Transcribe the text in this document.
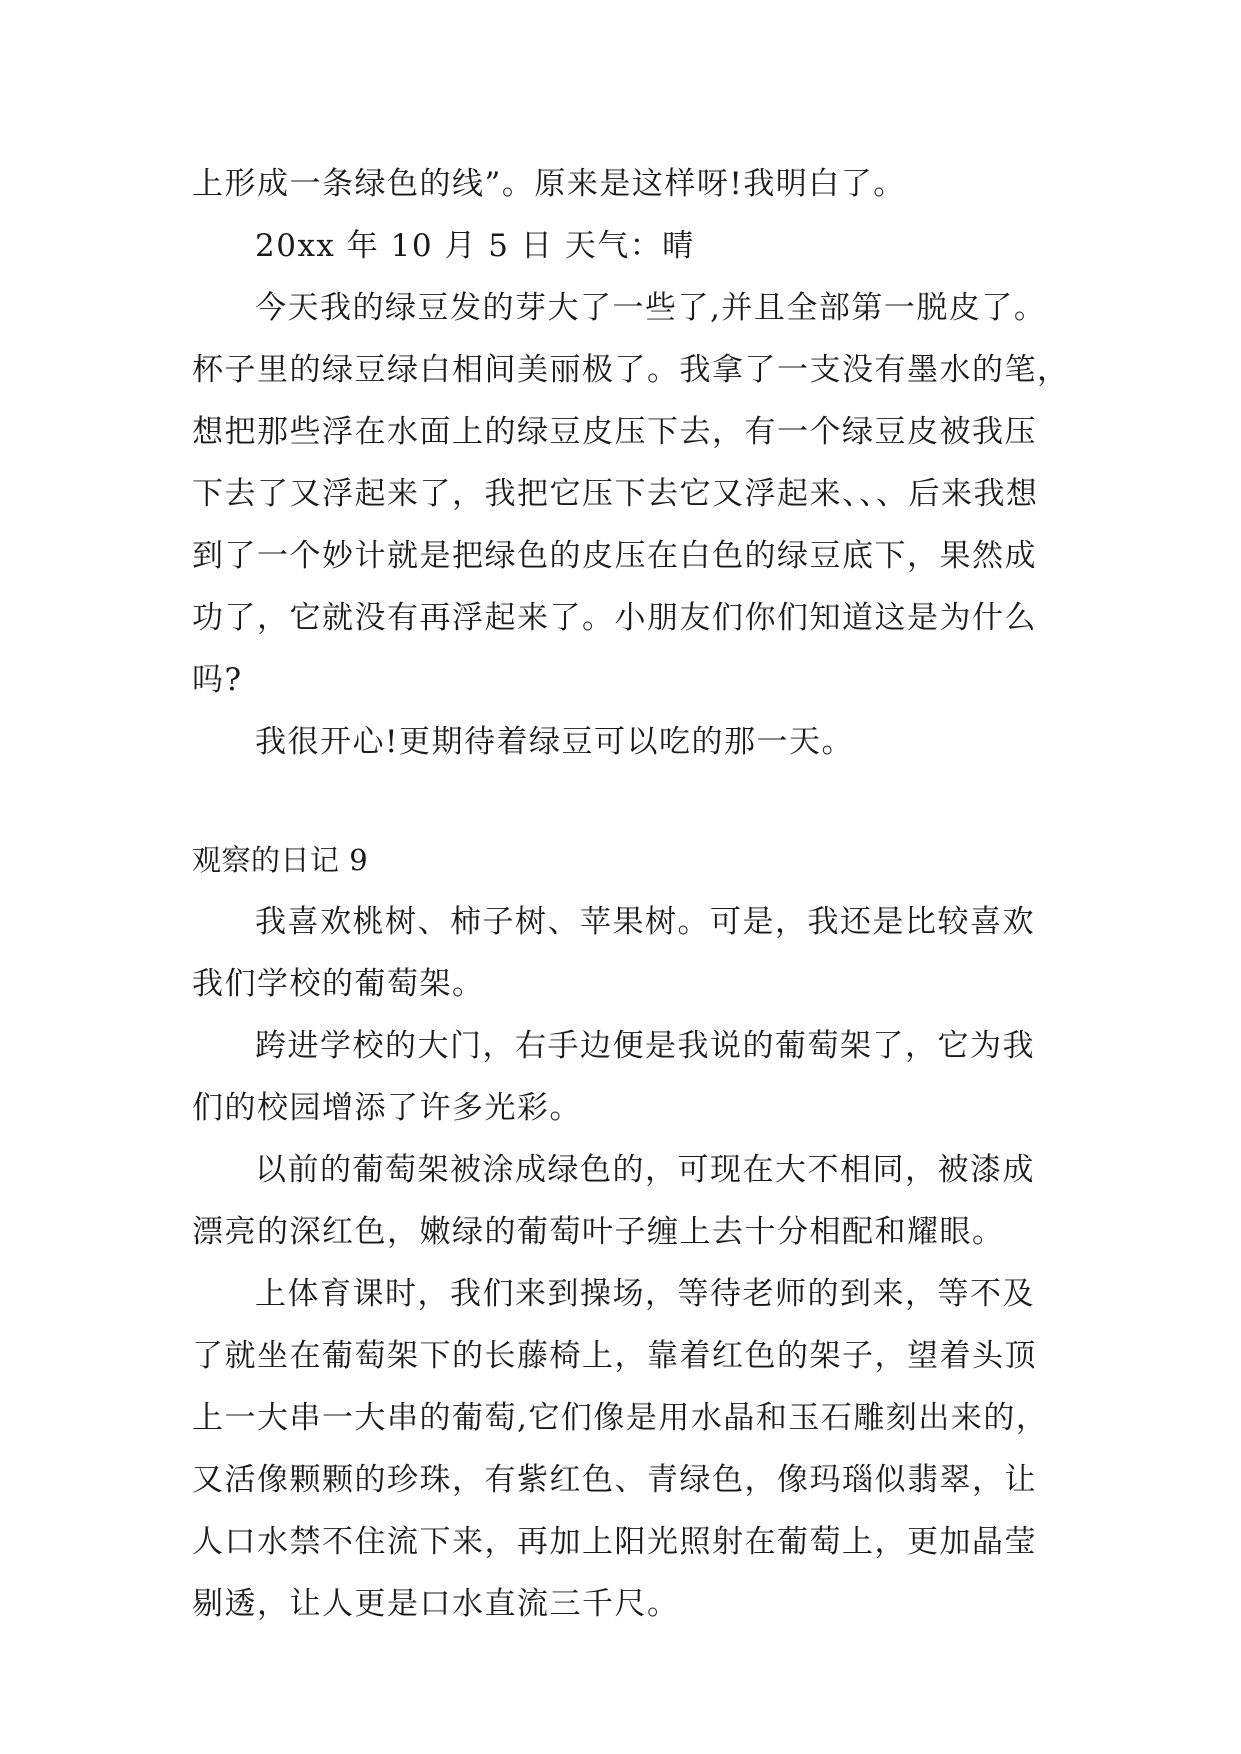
上形成一条绿色的线”。原来是这样呀!我明白了。
20xx 年 10 月 5 日 天气：晴
今天我的绿豆发的芽大了一些了,并且全部第一脱皮了。
杯子里的绿豆绿白相间美丽极了。我拿了一支没有墨水的笔，
想把那些浮在水面上的绿豆皮压下去，有一个绿豆皮被我压
下去了又浮起来了，我把它压下去它又浮起来、、、后来我想
到了一个妙计就是把绿色的皮压在白色的绿豆底下，果然成
功了，它就没有再浮起来了。小朋友们你们知道这是为什么
吗?
我很开心!更期待着绿豆可以吃的那一天。
观察的日记 9
我喜欢桃树、柿子树、苹果树。可是，我还是比较喜欢
我们学校的葡萄架。
跨进学校的大门，右手边便是我说的葡萄架了，它为我
们的校园增添了许多光彩。
以前的葡萄架被涂成绿色的，可现在大不相同，被漆成
漂亮的深红色，嫩绿的葡萄叶子缠上去十分相配和耀眼。
上体育课时，我们来到操场，等待老师的到来，等不及
了就坐在葡萄架下的长藤椅上，靠着红色的架子，望着头顶
上一大串一大串的葡萄,它们像是用水晶和玉石雕刻出来的，
又活像颗颗的珍珠，有紫红色、青绿色，像玛瑙似翡翠，让
人口水禁不住流下来，再加上阳光照射在葡萄上，更加晶莹
剔透，让人更是口水直流三千尺。
